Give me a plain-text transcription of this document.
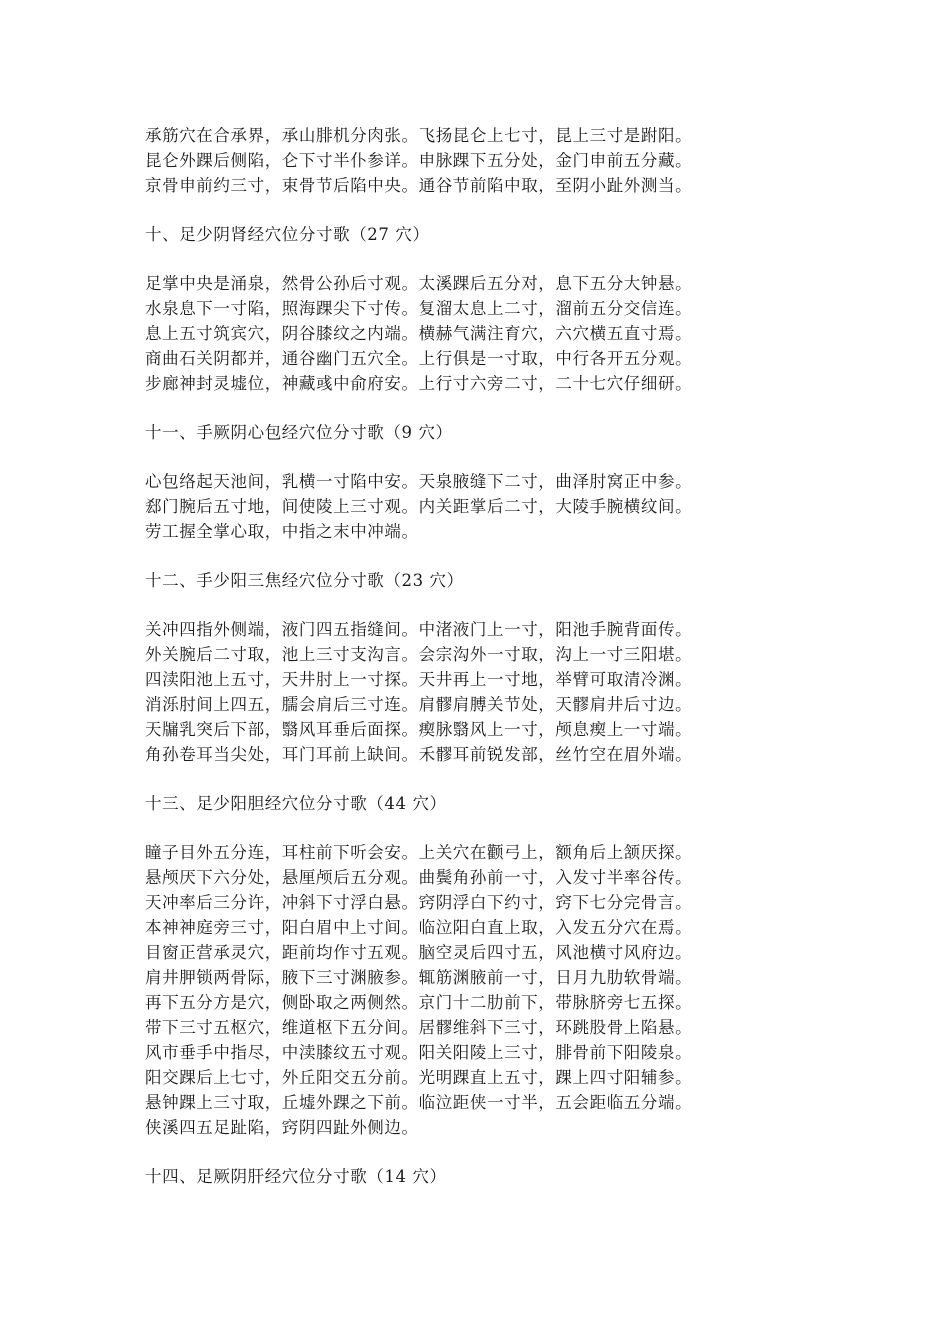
承筋穴在合承界，承山腓机分肉张。飞扬昆仑上七寸，昆上三寸是跗阳。
昆仑外踝后侧陷，仑下寸半仆参详。申脉踝下五分处，金门申前五分藏。
京骨申前约三寸，束骨节后陷中央。通谷节前陷中取，至阴小趾外测当。
十、足少阴肾经穴位分寸歌（27 穴）
足掌中央是涌泉，然骨公孙后寸观。太溪踝后五分对，息下五分大钟悬。
水泉息下一寸陷，照海踝尖下寸传。复溜太息上二寸，溜前五分交信连。
息上五寸筑宾穴，阴谷膝纹之内端。横赫气满注育穴，六穴横五直寸焉。
商曲石关阴都并，通谷幽门五穴全。上行俱是一寸取，中行各开五分观。
步廊神封灵墟位，神藏彧中俞府安。上行寸六旁二寸，二十七穴仔细研。
十一、手厥阴心包经穴位分寸歌（9 穴）
心包络起天池间，乳横一寸陷中安。天泉腋缝下二寸，曲泽肘窝正中参。
郄门腕后五寸地，间使陵上三寸观。内关距掌后二寸，大陵手腕横纹间。
劳工握全掌心取，中指之末中冲端。
十二、手少阳三焦经穴位分寸歌（23 穴）
关冲四指外侧端，液门四五指缝间。中渚液门上一寸，阳池手腕背面传。
外关腕后二寸取，池上三寸支沟言。会宗沟外一寸取，沟上一寸三阳堪。
四渎阳池上五寸，天井肘上一寸探。天井再上一寸地，举臂可取清冷渊。
消泺肘间上四五，臑会肩后三寸连。肩髎肩膊关节处，天髎肩井后寸边。
天牖乳突后下部，翳风耳垂后面探。瘈脉翳风上一寸，颅息瘈上一寸端。
角孙卷耳当尖处，耳门耳前上缺间。禾髎耳前锐发部，丝竹空在眉外端。
十三、足少阳胆经穴位分寸歌（44 穴）
瞳子目外五分连，耳柱前下听会安。上关穴在颧弓上，额角后上颔厌探。
悬颅厌下六分处，悬厘颅后五分观。曲鬓角孙前一寸，入发寸半率谷传。
天冲率后三分许，冲斜下寸浮白悬。窍阴浮白下约寸，窍下七分完骨言。
本神神庭旁三寸，阳白眉中上寸间。临泣阳白直上取，入发五分穴在焉。
目窗正营承灵穴，距前均作寸五观。脑空灵后四寸五，风池横寸风府边。
肩井胛锁两骨际，腋下三寸渊腋参。辄筋渊腋前一寸，日月九肋软骨端。
再下五分方是穴，侧卧取之两侧然。京门十二肋前下，带脉脐旁七五探。
带下三寸五枢穴，维道枢下五分间。居髎维斜下三寸，环跳股骨上陷悬。
风市垂手中指尽，中渎膝纹五寸观。阳关阳陵上三寸，腓骨前下阳陵泉。
阳交踝后上七寸，外丘阳交五分前。光明踝直上五寸，踝上四寸阳辅参。
悬钟踝上三寸取，丘墟外踝之下前。临泣距侠一寸半，五会距临五分端。
侠溪四五足趾陷，窍阴四趾外侧边。
十四、足厥阴肝经穴位分寸歌（14 穴）
